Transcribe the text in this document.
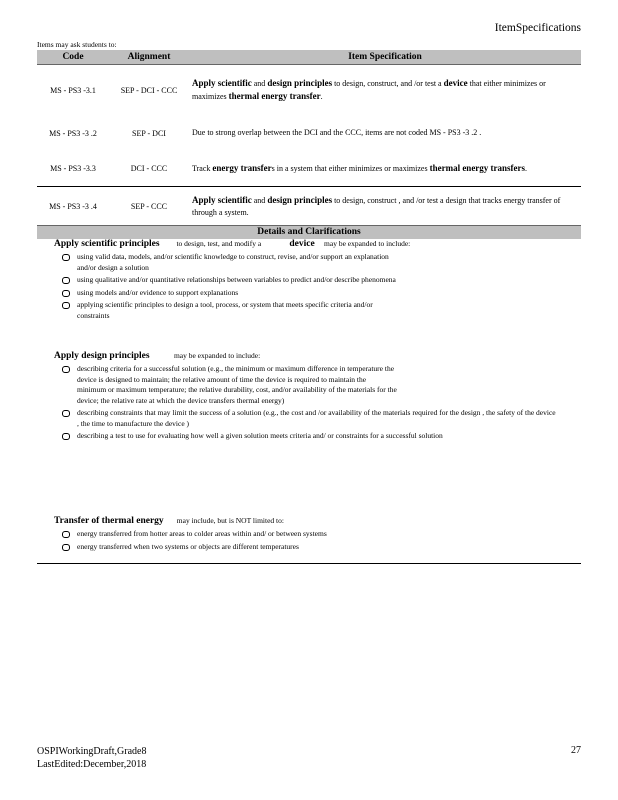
ItemSpecifications
Items may ask students to:
Code	Alignment	Item Specification
MS - PS3 -3.1	SEP - DCI - CCC	Apply scientific and design principles to design, construct, and /or test a device that either minimizes or maximizes thermal energy transfer.
MS - PS3 -3 .2	SEP - DCI	Due to strong overlap between the DCI and the CCC, items are not coded MS - PS3 -3 .2 .
MS - PS3 -3.3	DCI - CCC	Track energy transfers in a system that either minimizes or maximizes thermal energy transfers.
MS - PS3 -3 .4	SEP - CCC	Apply scientific and design principles to design, construct , and /or test a design that tracks energy transfer of through a system.
Details and Clarifications
Apply scientific principles to design, test, and modify a	device may be expanded to include:
using valid data, models, and/or scientific knowledge to construct, revise, and/or support an explanation and/or design a solution
using qualitative and/or quantitative relationships between variables to predict and/or describe phenomena
using models and/or evidence to support explanations
applying scientific principles to design a tool, process, or system that meets specific criteria and/or constraints
Apply design principles	may be expanded to include:
describing criteria for a successful solution (e.g., the minimum or maximum difference in temperature the device is designed to maintain; the relative amount of time the device is required to maintain the minimum or maximum temperature; the relative durability, cost, and/or availability of the materials for the device; the relative rate at which the device transfers thermal energy)
describing constraints that may limit the success of a solution (e.g., the cost and /or availability of the materials required for the design , the safety of the device , the time to manufacture the device )
describing a test to use for evaluating how well a given solution meets criteria and/ or constraints for a successful solution
Transfer of thermal energy may include, but is NOT limited to:
energy transferred from hotter areas to colder areas within and/ or between systems
energy transferred when two systems or objects are different temperatures
OSPIWorkingDraft,Grade8
LastEdited:December,2018
27
